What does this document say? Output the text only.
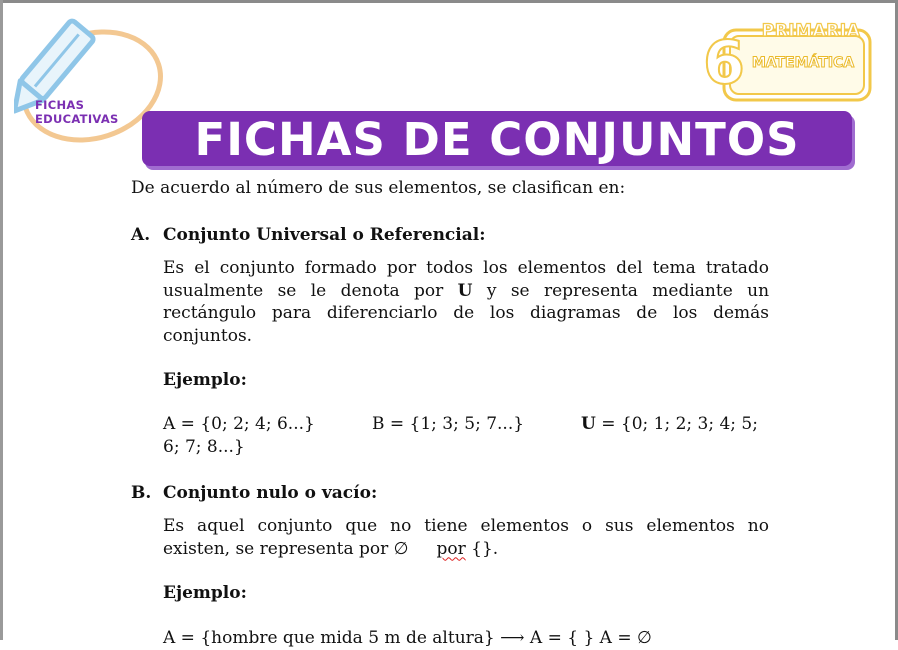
FICHAS
EDUCATIVAS
PRIMARIA
6 MATEMÁTICA
FICHAS DE CONJUNTOS
De acuerdo al número de sus elementos, se clasifican en:
A. Conjunto Universal o Referencial:
Es el conjunto formado por todos los elementos del tema tratado
usualmente se le denota por U y se representa mediante un
rectángulo para diferenciarlo de los diagramas de los demás
conjuntos.
Ejemplo:
A = {0; 2; 4; 6...}	B = {1; 3; 5; 7...}	U = {0; 1; 2; 3; 4; 5;
6; 7; 8...}
B. Conjunto nulo o vacío:
Es aquel conjunto que no tiene elementos o sus elementos no
existen, se representa por ∅ por {}.
Ejemplo:
A = {hombre que mida 5 m de altura} ⟶ A = { } A = ∅
